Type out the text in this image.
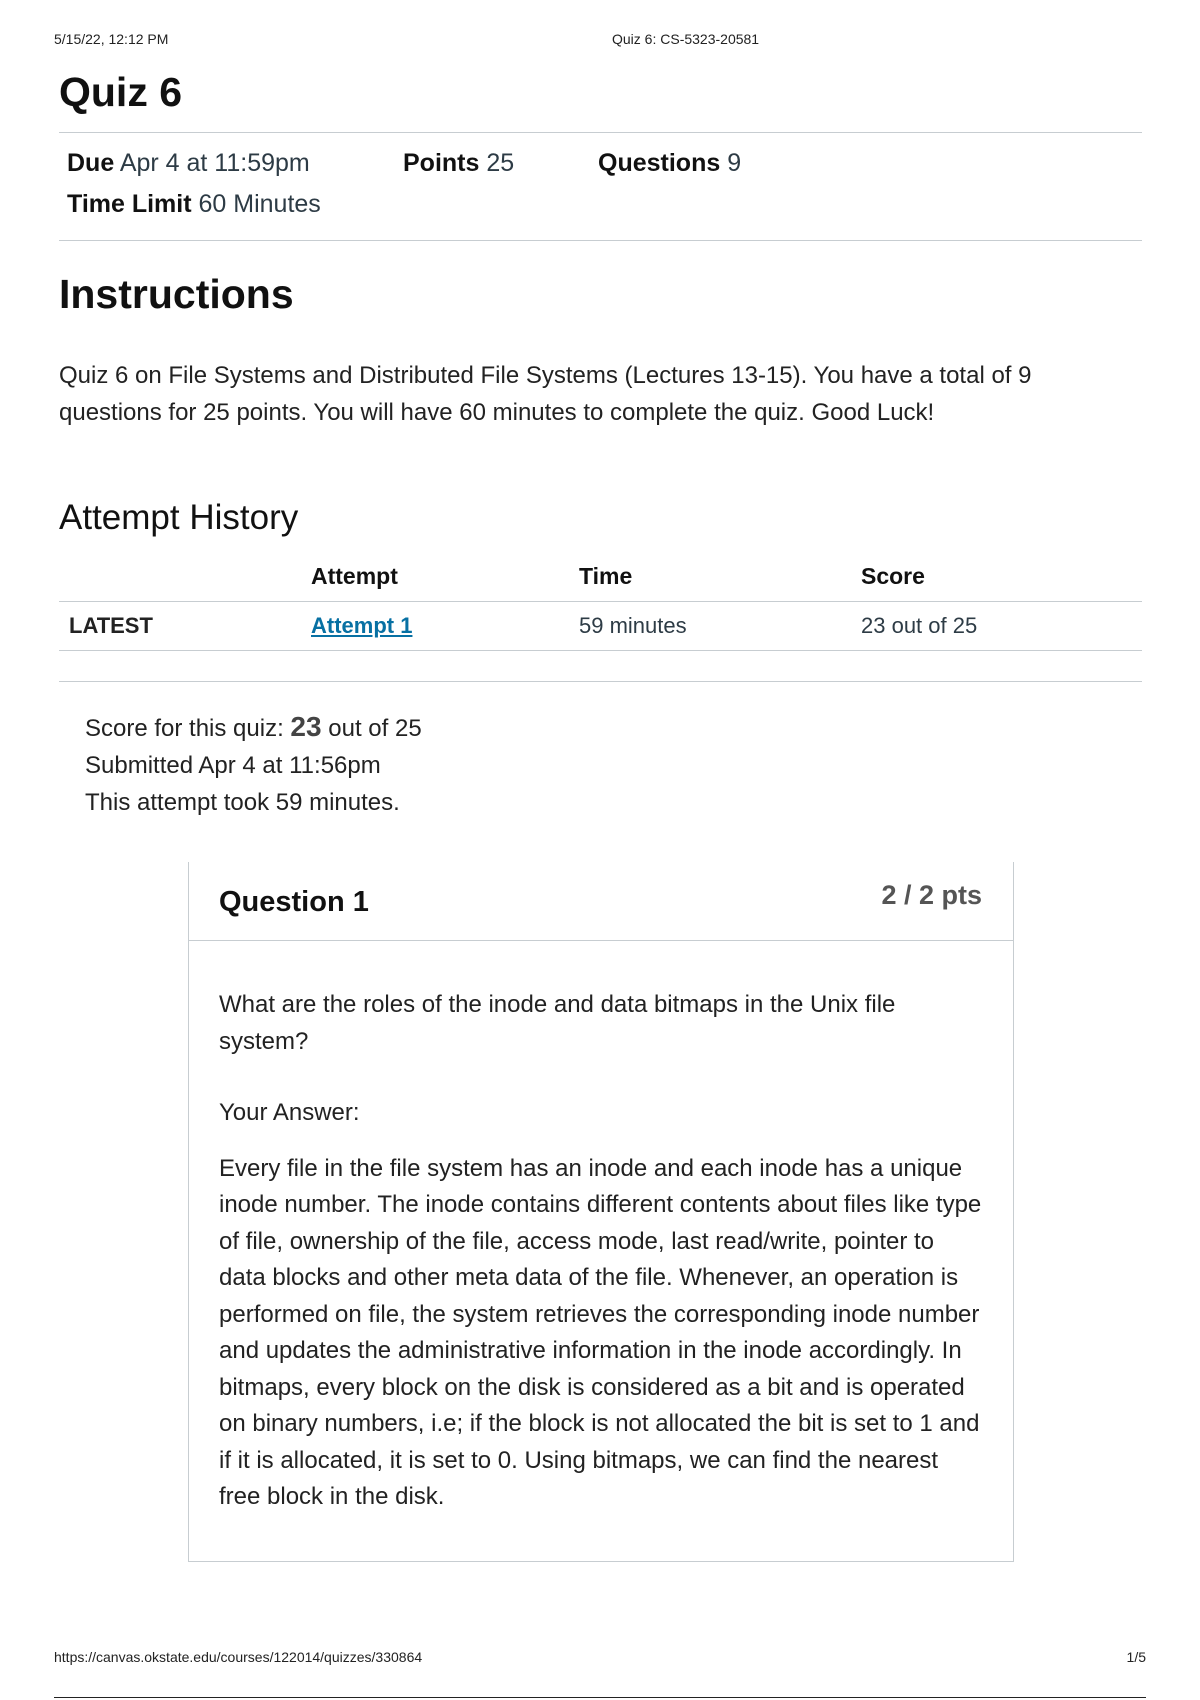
5/15/22, 12:12 PM	Quiz 6: CS-5323-20581
Quiz 6
Due Apr 4 at 11:59pm	Points 25	Questions 9
Time Limit 60 Minutes
Instructions
Quiz 6 on File Systems and Distributed File Systems (Lectures 13-15). You have a total of 9 questions for 25 points. You will have 60 minutes to complete the quiz. Good Luck!
Attempt History
	Attempt	Time	Score
LATEST	Attempt 1	59 minutes	23 out of 25
Score for this quiz: 23 out of 25
Submitted Apr 4 at 11:56pm
This attempt took 59 minutes.
Question 1	2 / 2 pts

What are the roles of the inode and data bitmaps in the Unix file system?

Your Answer:

Every file in the file system has an inode and each inode has a unique inode number. The inode contains different contents about files like type of file, ownership of the file, access mode, last read/write, pointer to data blocks and other meta data of the file. Whenever, an operation is performed on file, the system retrieves the corresponding inode number and updates the administrative information in the inode accordingly. In bitmaps, every block on the disk is considered as a bit and is operated on binary numbers, i.e; if the block is not allocated the bit is set to 1 and if it is allocated, it is set to 0. Using bitmaps, we can find the nearest free block in the disk.

https://canvas.okstate.edu/courses/122014/quizzes/330864	1/5
